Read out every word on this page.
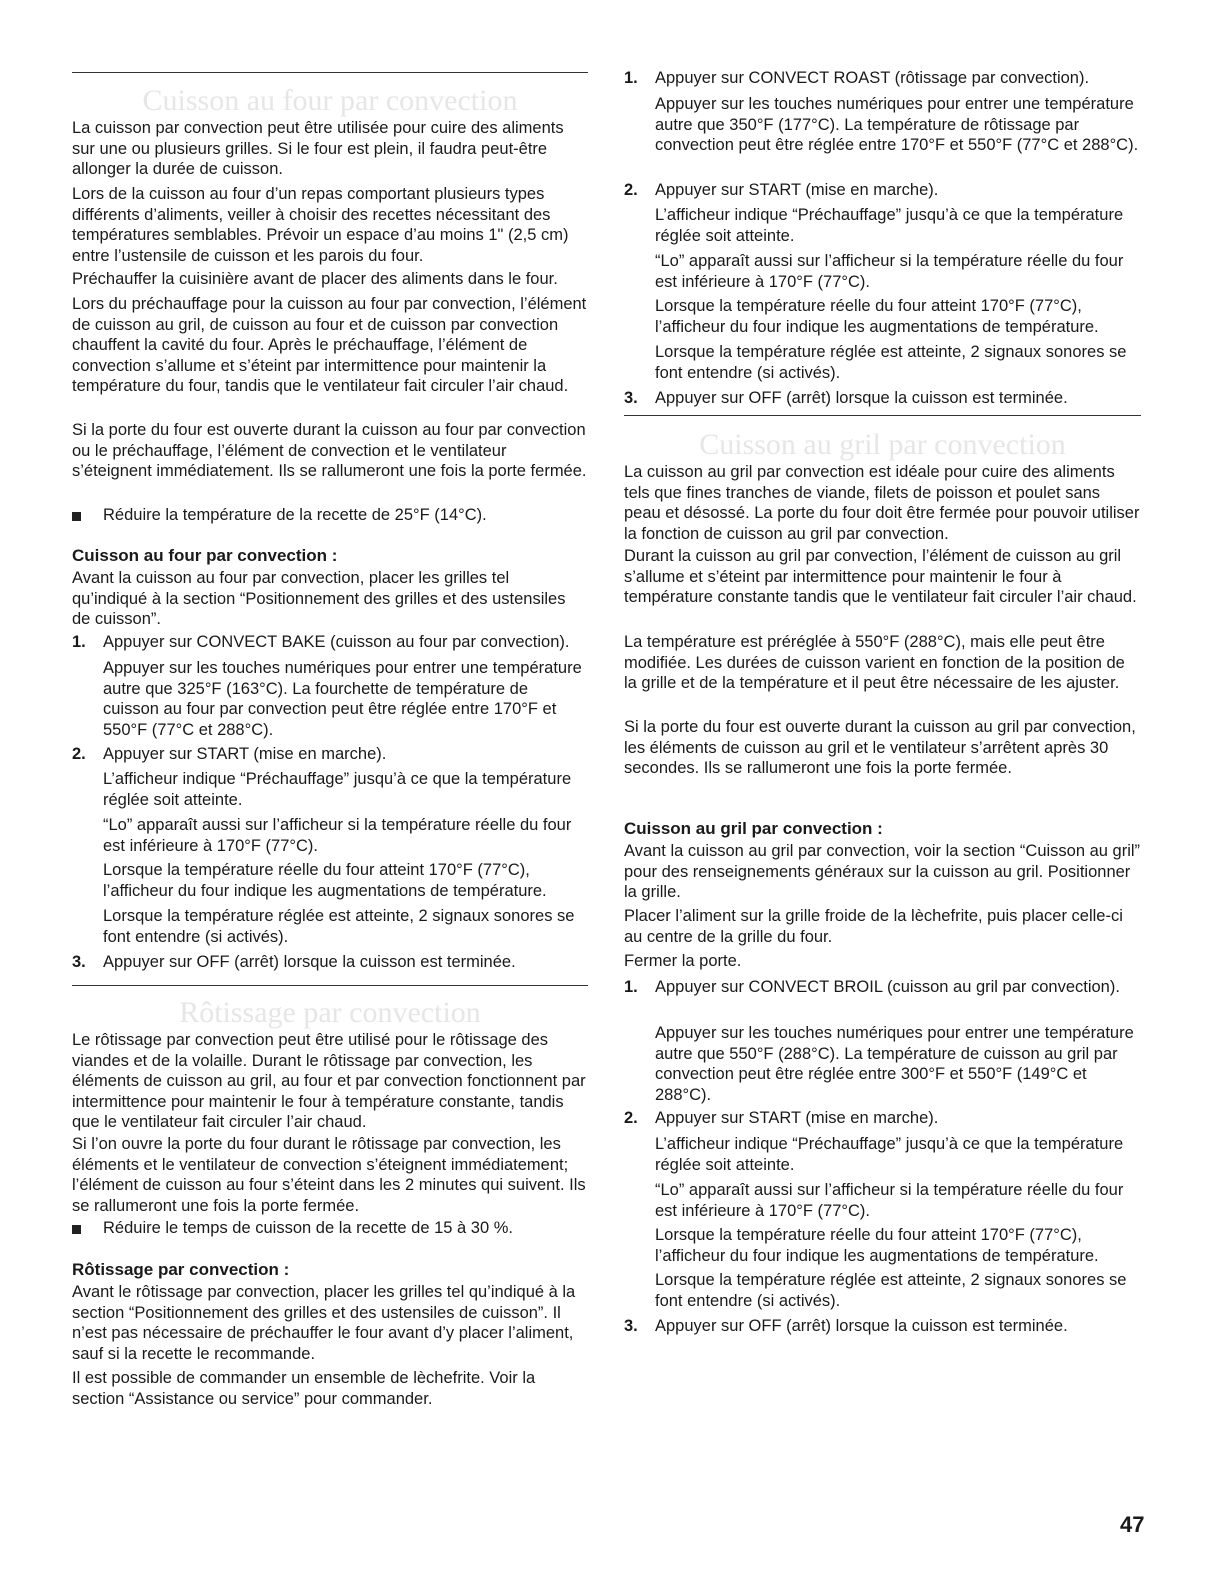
Cuisson au four par convection

La cuisson par convection peut être utilisée pour cuire des aliments sur une ou plusieurs grilles. Si le four est plein, il faudra peut-être allonger la durée de cuisson.

Lors de la cuisson au four d’un repas comportant plusieurs types différents d’aliments, veiller à choisir des recettes nécessitant des températures semblables. Prévoir un espace d’au moins 1" (2,5 cm) entre l’ustensile de cuisson et les parois du four.

Préchauffer la cuisinière avant de placer des aliments dans le four.

Lors du préchauffage pour la cuisson au four par convection, l’élément de cuisson au gril, de cuisson au four et de cuisson par convection chauffent la cavité du four. Après le préchauffage, l’élément de convection s’allume et s’éteint par intermittence pour maintenir la température du four, tandis que le ventilateur fait circuler l’air chaud.

Si la porte du four est ouverte durant la cuisson au four par convection ou le préchauffage, l’élément de convection et le ventilateur s’éteignent immédiatement. Ils se rallumeront une fois la porte fermée.

Réduire la température de la recette de 25°F (14°C).

Cuisson au four par convection :

Avant la cuisson au four par convection, placer les grilles tel qu’indiqué à la section “Positionnement des grilles et des ustensiles de cuisson”.

1.	Appuyer sur CONVECT BAKE (cuisson au four par convection).

Appuyer sur les touches numériques pour entrer une température autre que 325°F (163°C). La fourchette de température de cuisson au four par convection peut être réglée entre 170°F et 550°F (77°C et 288°C).

2.	Appuyer sur START (mise en marche).

L’afficheur indique “Préchauffage” jusqu’à ce que la température réglée soit atteinte.

“Lo” apparaît aussi sur l’afficheur si la température réelle du four est inférieure à 170°F (77°C).

Lorsque la température réelle du four atteint 170°F (77°C), l’afficheur du four indique les augmentations de température.

Lorsque la température réglée est atteinte, 2 signaux sonores se font entendre (si activés).

3.	Appuyer sur OFF (arrêt) lorsque la cuisson est terminée.

Rôtissage par convection

Le rôtissage par convection peut être utilisé pour le rôtissage des viandes et de la volaille. Durant le rôtissage par convection, les éléments de cuisson au gril, au four et par convection fonctionnent par intermittence pour maintenir le four à température constante, tandis que le ventilateur fait circuler l’air chaud.

Si l’on ouvre la porte du four durant le rôtissage par convection, les éléments et le ventilateur de convection s’éteignent immédiatement; l’élément de cuisson au four s’éteint dans les 2 minutes qui suivent. Ils se rallumeront une fois la porte fermée.

Réduire le temps de cuisson de la recette de 15 à 30 %.

Rôtissage par convection :

Avant le rôtissage par convection, placer les grilles tel qu’indiqué à la section “Positionnement des grilles et des ustensiles de cuisson”. Il n’est pas nécessaire de préchauffer le four avant d’y placer l’aliment, sauf si la recette le recommande.

Il est possible de commander un ensemble de lèchefrite. Voir la section “Assistance ou service” pour commander.

1.	Appuyer sur CONVECT ROAST (rôtissage par convection).

Appuyer sur les touches numériques pour entrer une température autre que 350°F (177°C). La température de rôtissage par convection peut être réglée entre 170°F et 550°F (77°C et 288°C).

2.	Appuyer sur START (mise en marche).

L’afficheur indique “Préchauffage” jusqu’à ce que la température réglée soit atteinte.

“Lo” apparaît aussi sur l’afficheur si la température réelle du four est inférieure à 170°F (77°C).

Lorsque la température réelle du four atteint 170°F (77°C), l’afficheur du four indique les augmentations de température.

Lorsque la température réglée est atteinte, 2 signaux sonores se font entendre (si activés).

3.	Appuyer sur OFF (arrêt) lorsque la cuisson est terminée.

Cuisson au gril par convection

La cuisson au gril par convection est idéale pour cuire des aliments tels que fines tranches de viande, filets de poisson et poulet sans peau et désossé. La porte du four doit être fermée pour pouvoir utiliser la fonction de cuisson au gril par convection.

Durant la cuisson au gril par convection, l’élément de cuisson au gril s’allume et s’éteint par intermittence pour maintenir le four à température constante tandis que le ventilateur fait circuler l’air chaud.

La température est préréglée à 550°F (288°C), mais elle peut être modifiée. Les durées de cuisson varient en fonction de la position de la grille et de la température et il peut être nécessaire de les ajuster.

Si la porte du four est ouverte durant la cuisson au gril par convection, les éléments de cuisson au gril et le ventilateur s’arrêtent après 30 secondes. Ils se rallumeront une fois la porte fermée.

Cuisson au gril par convection :

Avant la cuisson au gril par convection, voir la section “Cuisson au gril” pour des renseignements généraux sur la cuisson au gril. Positionner la grille.

Placer l’aliment sur la grille froide de la lèchefrite, puis placer celle-ci au centre de la grille du four.

Fermer la porte.

1.	Appuyer sur CONVECT BROIL (cuisson au gril par convection).

Appuyer sur les touches numériques pour entrer une température autre que 550°F (288°C). La température de cuisson au gril par convection peut être réglée entre 300°F et 550°F (149°C et 288°C).

2.	Appuyer sur START (mise en marche).

L’afficheur indique “Préchauffage” jusqu’à ce que la température réglée soit atteinte.

“Lo” apparaît aussi sur l’afficheur si la température réelle du four est inférieure à 170°F (77°C).

Lorsque la température réelle du four atteint 170°F (77°C), l’afficheur du four indique les augmentations de température.

Lorsque la température réglée est atteinte, 2 signaux sonores se font entendre (si activés).

3.	Appuyer sur OFF (arrêt) lorsque la cuisson est terminée.

47
